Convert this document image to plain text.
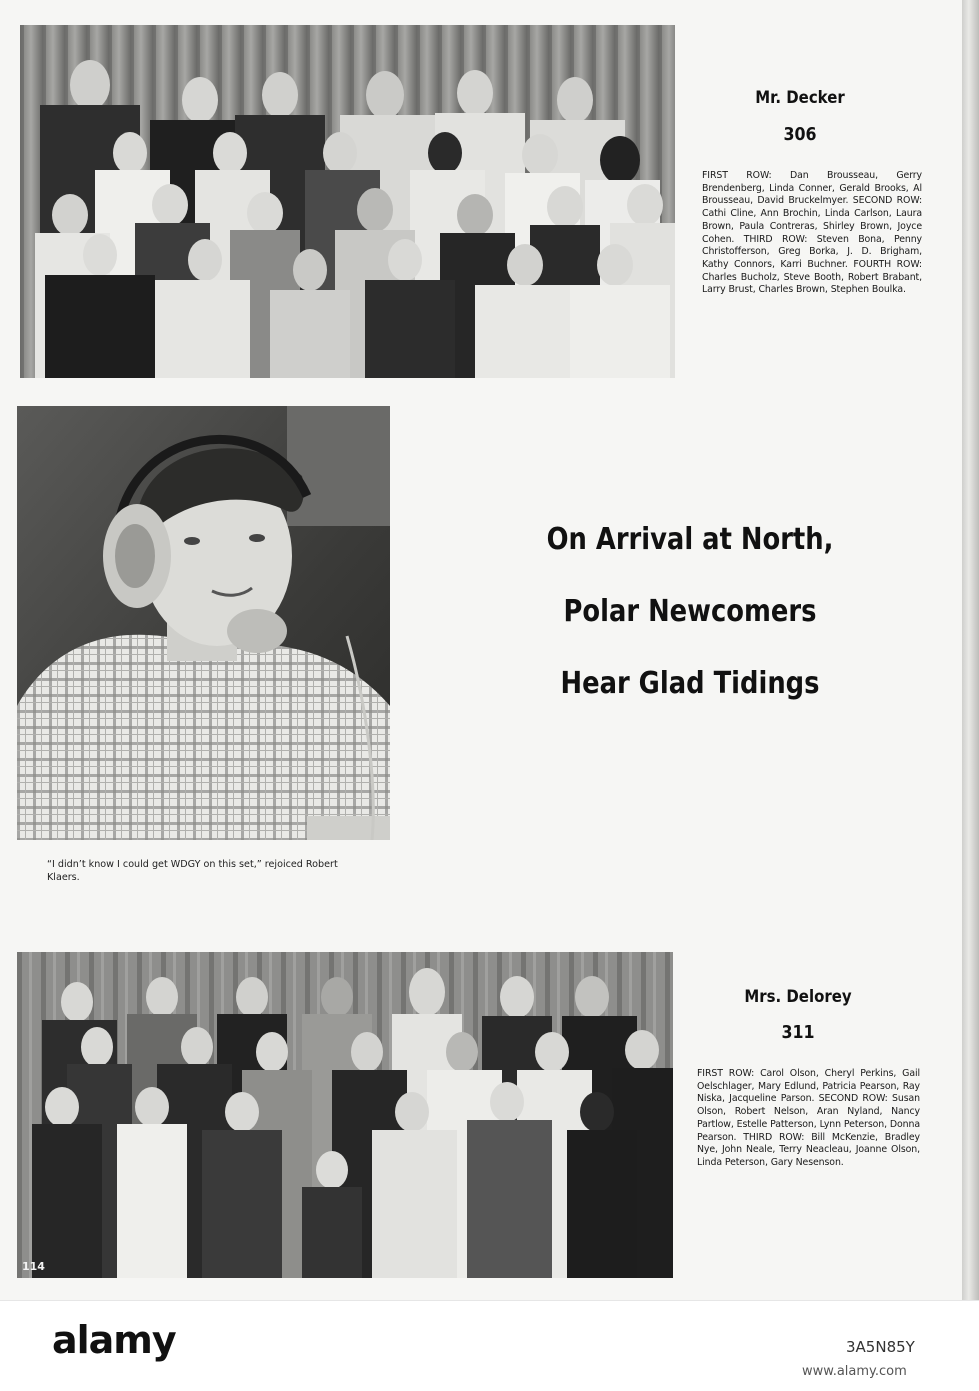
Mr. Decker
306
FIRST ROW: Dan Brousseau, Gerry Brendenberg, Linda Conner, Gerald Brooks, Al Brousseau, David Bruckelmyer. SECOND ROW: Cathi Cline, Ann Brochin, Linda Carlson, Laura Brown, Paula Contreras, Shirley Brown, Joyce Cohen. THIRD ROW: Steven Bona, Penny Christofferson, Greg Borka, J. D. Brigham, Kathy Connors, Karri Buchner. FOURTH ROW: Charles Bucholz, Steve Booth, Robert Brabant, Larry Brust, Charles Brown, Stephen Boulka.
“I didn’t know I could get WDGY on this set,” rejoiced Robert Klaers.
On Arrival at North,
Polar Newcomers
Hear Glad Tidings
114
Mrs. Delorey
311
FIRST ROW: Carol Olson, Cheryl Perkins, Gail Oelschlager, Mary Edlund, Patricia Pearson, Ray Niska, Jacqueline Parson. SECOND ROW: Susan Olson, Robert Nelson, Aran Nyland, Nancy Partlow, Estelle Patterson, Lynn Peterson, Donna Pearson. THIRD ROW: Bill McKenzie, Bradley Nye, John Neale, Terry Neacleau, Joanne Olson, Linda Peterson, Gary Nesenson.
alamy	3A5N85Y
www.alamy.com
